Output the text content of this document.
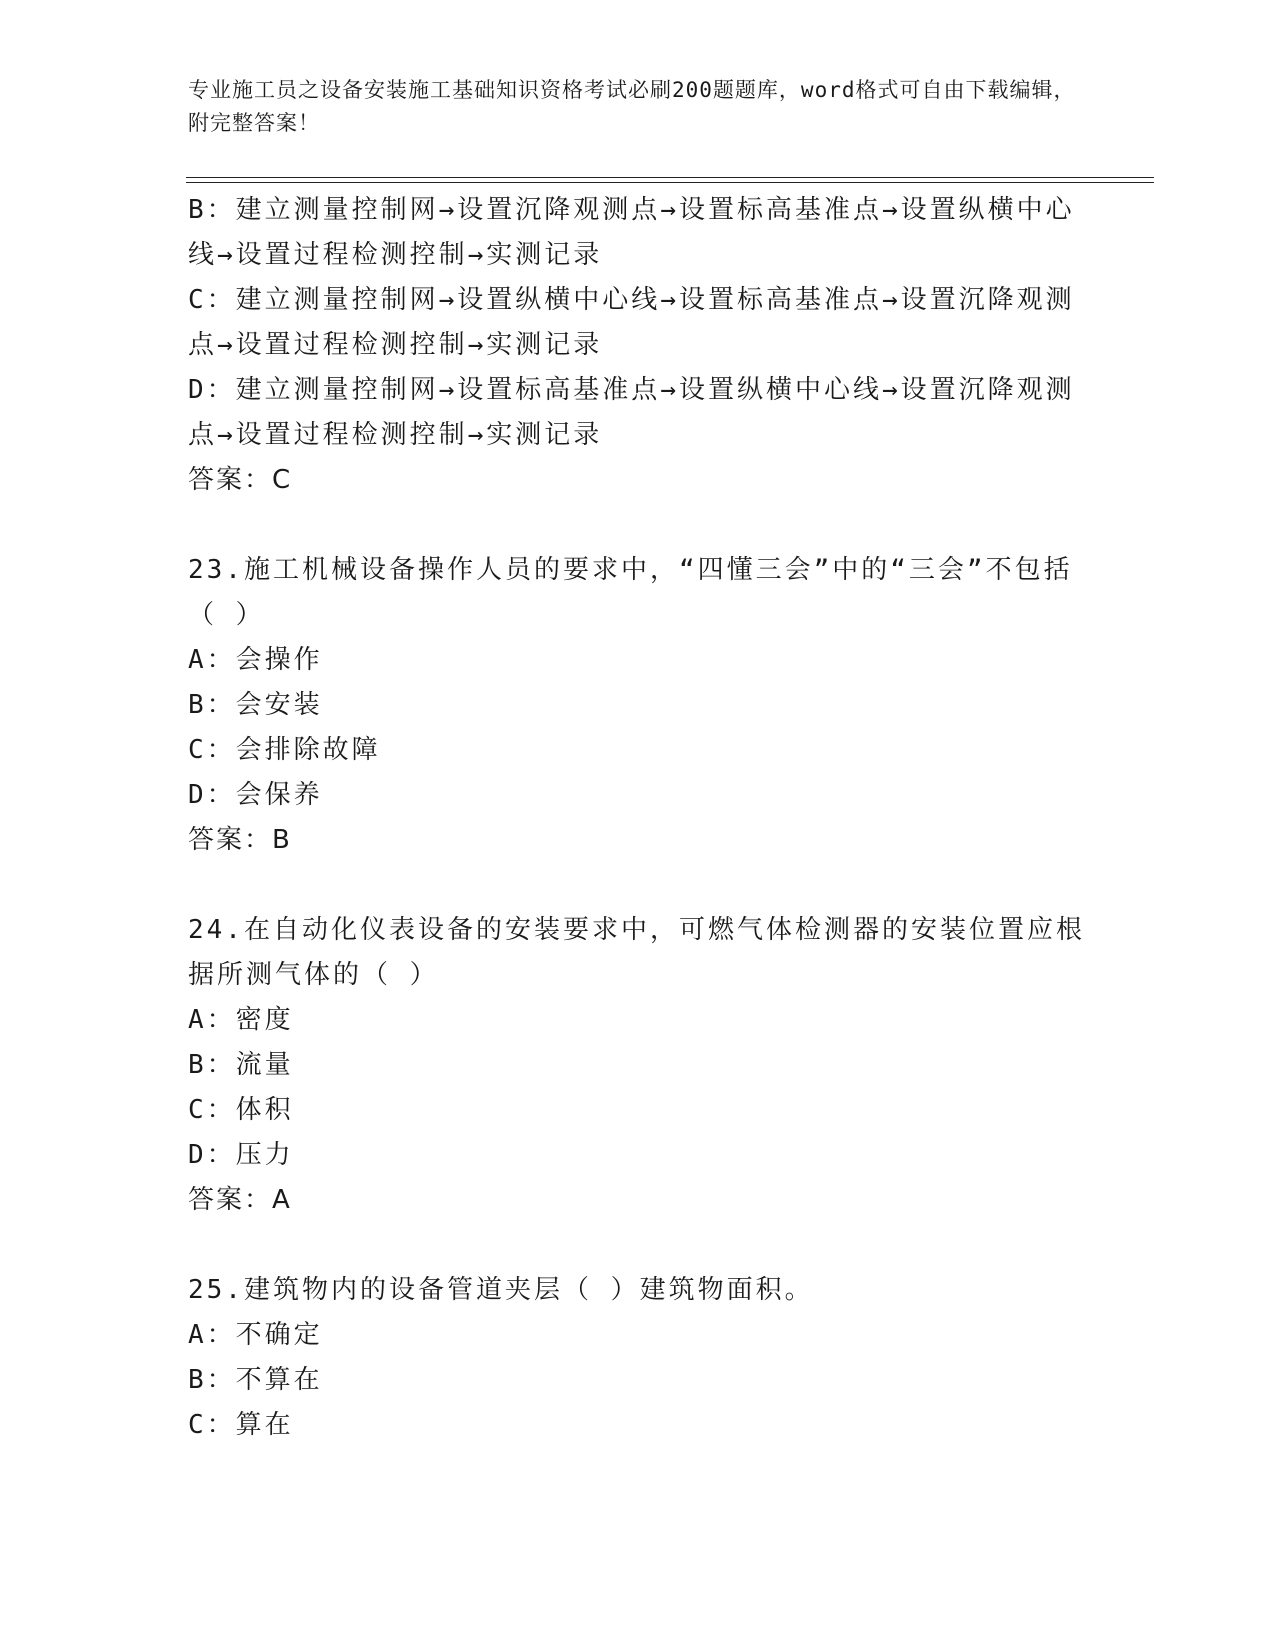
专业施工员之设备安装施工基础知识资格考试必刷200题题库，word格式可自由下载编辑，附完整答案！

B：建立测量控制网→设置沉降观测点→设置标高基准点→设置纵横中心线→设置过程检测控制→实测记录

C：建立测量控制网→设置纵横中心线→设置标高基准点→设置沉降观测点→设置过程检测控制→实测记录

D：建立测量控制网→设置标高基准点→设置纵横中心线→设置沉降观测点→设置过程检测控制→实测记录

答案：C

23.施工机械设备操作人员的要求中，“四懂三会”中的“三会”不包括（ ）

A：会操作

B：会安装

C：会排除故障

D：会保养

答案：B

24.在自动化仪表设备的安装要求中，可燃气体检测器的安装位置应根据所测气体的（ ）

A：密度

B：流量

C：体积

D：压力

答案：A

25.建筑物内的设备管道夹层（ ）建筑物面积。

A：不确定

B：不算在

C：算在
